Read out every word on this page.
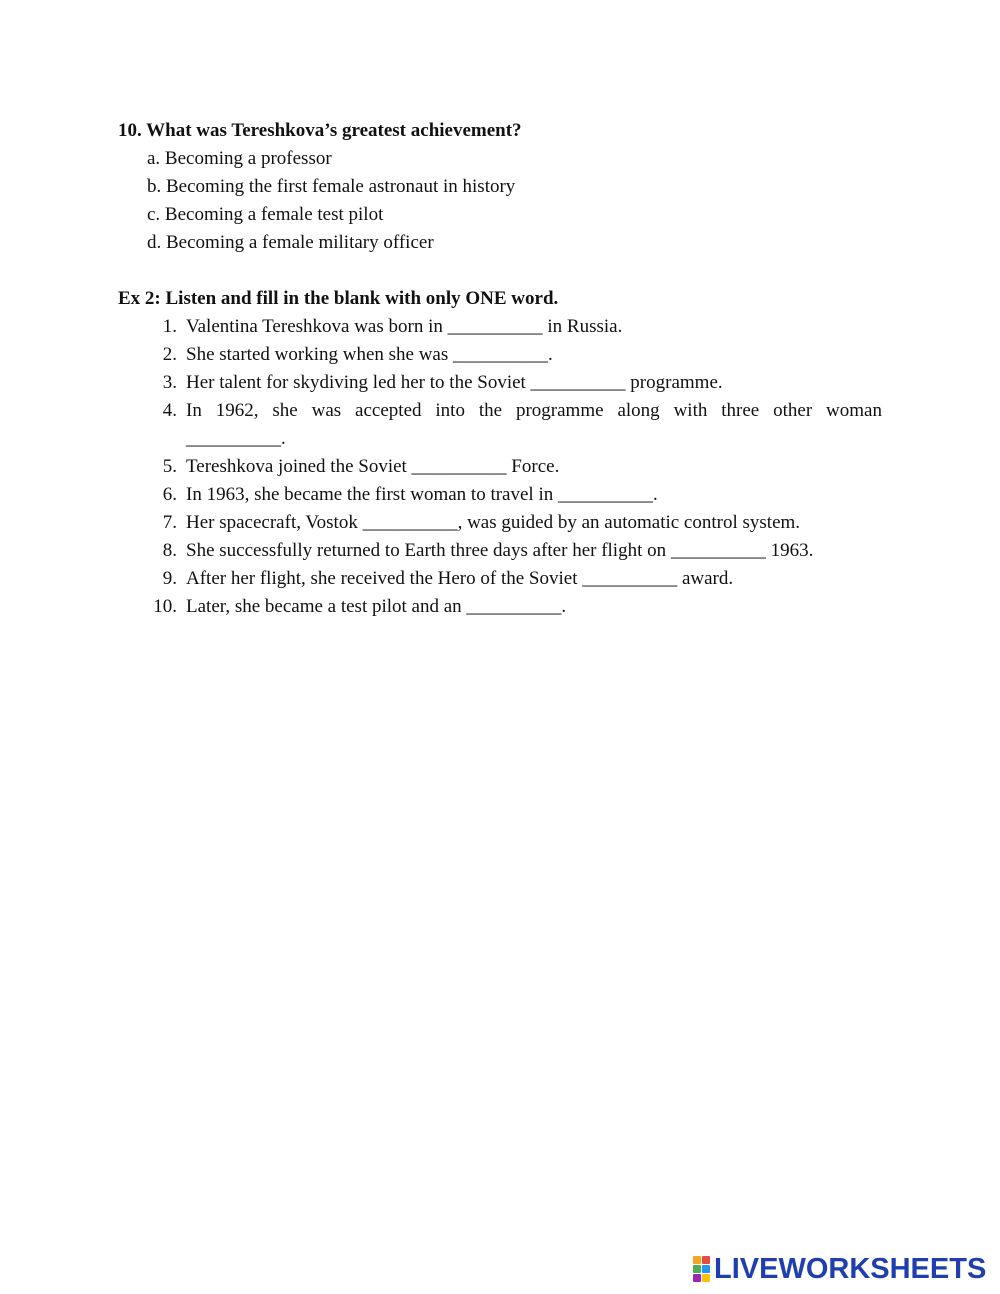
10. What was Tereshkova’s greatest achievement?
a. Becoming a professor
b. Becoming the first female astronaut in history
c. Becoming a female test pilot
d. Becoming a female military officer
Ex 2: Listen and fill in the blank with only ONE word.
1. Valentina Tereshkova was born in __________ in Russia.
2. She started working when she was __________.
3. Her talent for skydiving led her to the Soviet __________ programme.
4. In 1962, she was accepted into the programme along with three other woman
__________.
5. Tereshkova joined the Soviet __________ Force.
6. In 1963, she became the first woman to travel in __________.
7. Her spacecraft, Vostok __________, was guided by an automatic control system.
8. She successfully returned to Earth three days after her flight on __________ 1963.
9. After her flight, she received the Hero of the Soviet __________ award.
10. Later, she became a test pilot and an __________.
LIVEWORKSHEETS
